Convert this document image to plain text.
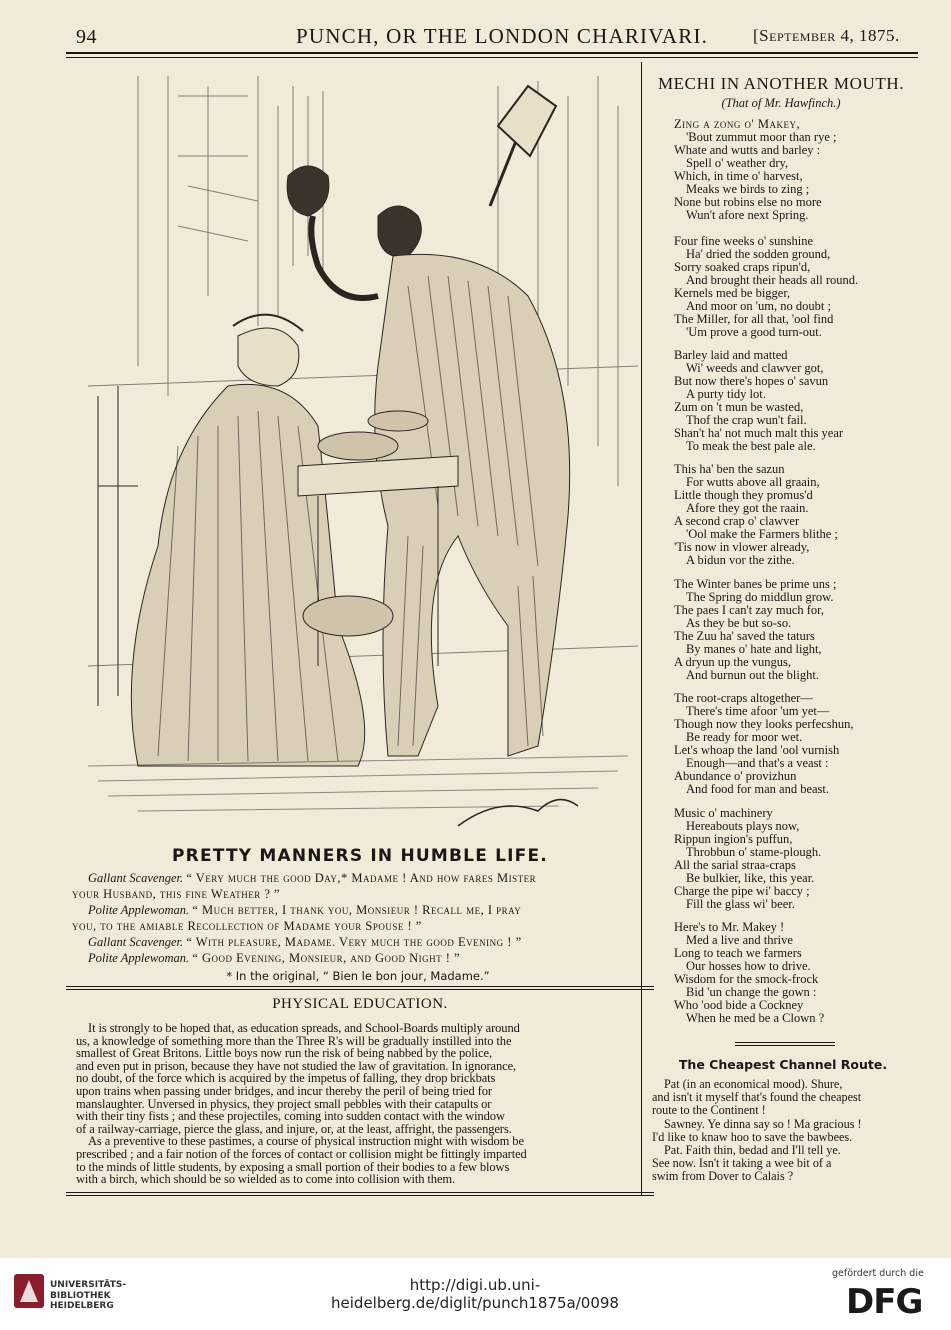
94	PUNCH, OR THE LONDON CHARIVARI.	[September 4, 1875.
PRETTY MANNERS IN HUMBLE LIFE.
Gallant Scavenger. “ Very much the good Day,* Madame ! And how fares Mister
your Husband, this fine Weather ? ”
Polite Applewoman. “ Much better, I thank you, Monsieur ! Recall me, I pray
you, to the amiable Recollection of Madame your Spouse ! ”
Gallant Scavenger. “ With pleasure, Madame. Very much the good Evening ! ”
Polite Applewoman. “ Good Evening, Monsieur, and Good Night ! ”
* In the original, “ Bien le bon jour, Madame.”
PHYSICAL EDUCATION.
It is strongly to be hoped that, as education spreads, and School-Boards multiply around
us, a knowledge of something more than the Three R's will be gradually instilled into the
smallest of Great Britons. Little boys now run the risk of being nabbed by the police,
and even put in prison, because they have not studied the law of gravitation. In ignorance,
no doubt, of the force which is acquired by the impetus of falling, they drop brickbats
upon trains when passing under bridges, and incur thereby the peril of being tried for
manslaughter. Unversed in physics, they project small pebbles with their catapults or
with their tiny fists ; and these projectiles, coming into sudden contact with the window
of a railway-carriage, pierce the glass, and injure, or, at the least, affright, the passengers.
As a preventive to these pastimes, a course of physical instruction might with wisdom be
prescribed ; and a fair notion of the forces of contact or collision might be fittingly imparted
to the minds of little students, by exposing a small portion of their bodies to a few blows
with a birch, which should be so wielded as to come into collision with them.
MECHI IN ANOTHER MOUTH.
(That of Mr. Hawfinch.)
Zing a zong o' Makey,
'Bout zummut moor than rye ;
Whate and wutts and barley :
Spell o' weather dry,
Which, in time o' harvest,
Meaks we birds to zing ;
None but robins else no more
Wun't afore next Spring.
Four fine weeks o' sunshine
Ha' dried the sodden ground,
Sorry soaked craps ripun'd,
And brought their heads all round.
Kernels med be bigger,
And moor on 'um, no doubt ;
The Miller, for all that, 'ool find
'Um prove a good turn-out.
Barley laid and matted
Wi' weeds and clawver got,
But now there's hopes o' savun
A purty tidy lot.
Zum on 't mun be wasted,
Thof the crap wun't fail.
Shan't ha' not much malt this year
To meak the best pale ale.
This ha' ben the sazun
For wutts above all graain,
Little though they promus'd
Afore they got the raain.
A second crap o' clawver
'Ool make the Farmers blithe ;
'Tis now in vlower already,
A bidun vor the zithe.
The Winter banes be prime uns ;
The Spring do middlun grow.
The paes I can't zay much for,
As they be but so-so.
The Zuu ha' saved the taturs
By manes o' hate and light,
A dryun up the vungus,
And burnun out the blight.
The root-craps altogether—
There's time afoor 'um yet—
Though now they looks perfecshun,
Be ready for moor wet.
Let's whoap the land 'ool vurnish
Enough—and that's a veast :
Abundance o' provizhun
And food for man and beast.
Music o' machinery
Hereabouts plays now,
Rippun ingion's puffun,
Throbbun o' stame-plough.
All the sarial straa-craps
Be bulkier, like, this year.
Charge the pipe wi' baccy ;
Fill the glass wi' beer.
Here's to Mr. Makey !
Med a live and thrive
Long to teach we farmers
Our hosses how to drive.
Wisdom for the smock-frock
Bid 'un change the gown :
Who 'ood bide a Cockney
When he med be a Clown ?
The Cheapest Channel Route.
Pat (in an economical mood). Shure,
and isn't it myself that's found the cheapest
route to the Continent !
Sawney. Ye dinna say so ! Ma gracious !
I'd like to knaw hoo to save the bawbees.
Pat. Faith thin, bedad and I'll tell ye.
See now. Isn't it taking a wee bit of a
swim from Dover to Calais ?
UNIVERSITÄTS-
BIBLIOTHEK
HEIDELBERG
http://digi.ub.uni-heidelberg.de/diglit/punch1875a/0098
gefördert durch die
DFG
